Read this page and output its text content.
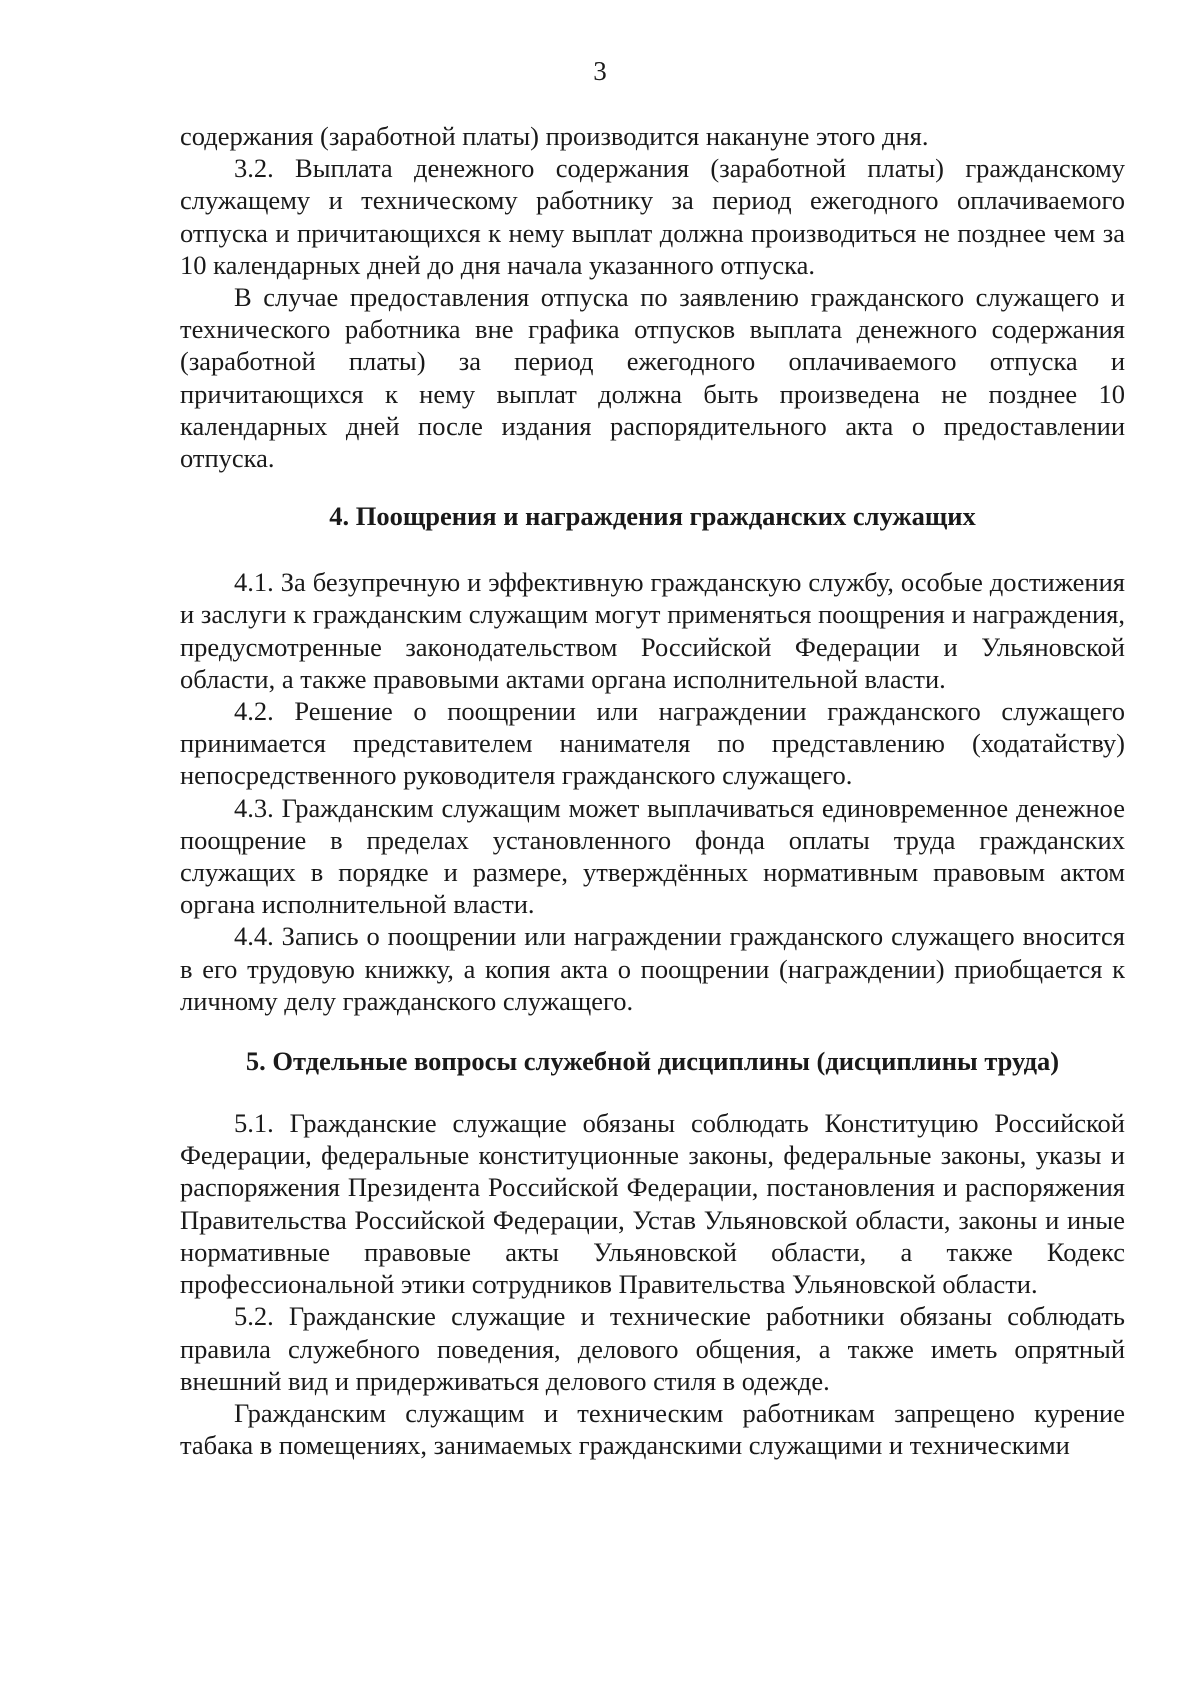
3

содержания (заработной платы) производится накануне этого дня.

3.2. Выплата денежного содержания (заработной платы) гражданскому служащему и техническому работнику за период ежегодного оплачиваемого отпуска и причитающихся к нему выплат должна производиться не позднее чем за 10 календарных дней до дня начала указанного отпуска.

В случае предоставления отпуска по заявлению гражданского служащего и технического работника вне графика отпусков выплата денежного содержания (заработной платы) за период ежегодного оплачиваемого отпуска и причитающихся к нему выплат должна быть произведена не позднее 10 календарных дней после издания распорядительного акта о предоставлении отпуска.

4. Поощрения и награждения гражданских служащих

4.1. За безупречную и эффективную гражданскую службу, особые достижения и заслуги к гражданским служащим могут применяться поощрения и награждения, предусмотренные законодательством Российской Федерации и Ульяновской области, а также правовыми актами органа исполнительной власти.

4.2. Решение о поощрении или награждении гражданского служащего принимается представителем нанимателя по представлению (ходатайству) непосредственного руководителя гражданского служащего.

4.3. Гражданским служащим может выплачиваться единовременное денежное поощрение в пределах установленного фонда оплаты труда гражданских служащих в порядке и размере, утверждённых нормативным правовым актом органа исполнительной власти.

4.4. Запись о поощрении или награждении гражданского служащего вносится в его трудовую книжку, а копия акта о поощрении (награждении) приобщается к личному делу гражданского служащего.

5. Отдельные вопросы служебной дисциплины (дисциплины труда)

5.1. Гражданские служащие обязаны соблюдать Конституцию Российской Федерации, федеральные конституционные законы, федеральные законы, указы и распоряжения Президента Российской Федерации, постановления и распоряжения Правительства Российской Федерации, Устав Ульяновской области, законы и иные нормативные правовые акты Ульяновской области, а также Кодекс профессиональной этики сотрудников Правительства Ульяновской области.

5.2. Гражданские служащие и технические работники обязаны соблюдать правила служебного поведения, делового общения, а также иметь опрятный внешний вид и придерживаться делового стиля в одежде.

Гражданским служащим и техническим работникам запрещено курение табака в помещениях, занимаемых гражданскими служащими и техническими
